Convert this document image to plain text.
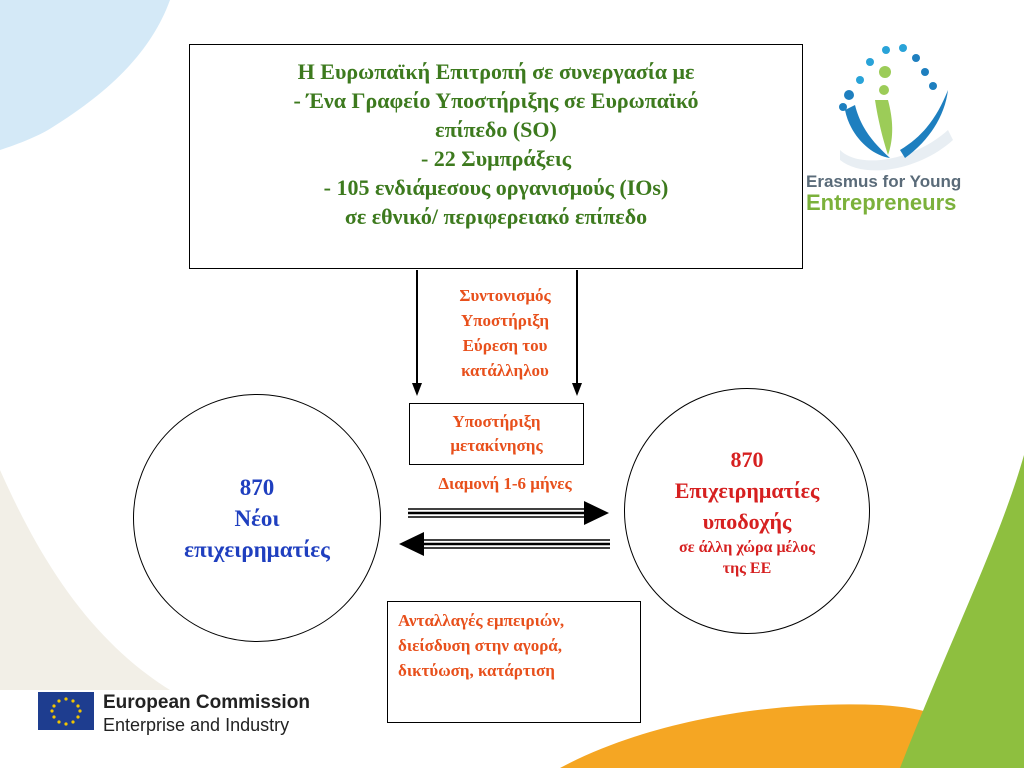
Η Ευρωπαϊκή Επιτροπή σε συνεργασία με
- Ένα Γραφείο Υποστήριξης σε Ευρωπαϊκό
επίπεδο (SO)
- 22 Συμπράξεις
- 105 ενδιάμεσους οργανισμούς (IOs)
σε εθνικό/ περιφερειακό επίπεδο
Συντονισμός
Υποστήριξη
Εύρεση του
κατάλληλου
Υποστήριξη
μετακίνησης
Διαμονή 1-6 μήνες
870
Νέοι
επιχειρηματίες
870
Επιχειρηματίες
υποδοχής
σε άλλη χώρα μέλος
της ΕΕ
Ανταλλαγές εμπειριών,
διείσδυση στην αγορά,
δικτύωση, κατάρτιση
Erasmus for Young
Entrepreneurs
European Commission
Enterprise and Industry
